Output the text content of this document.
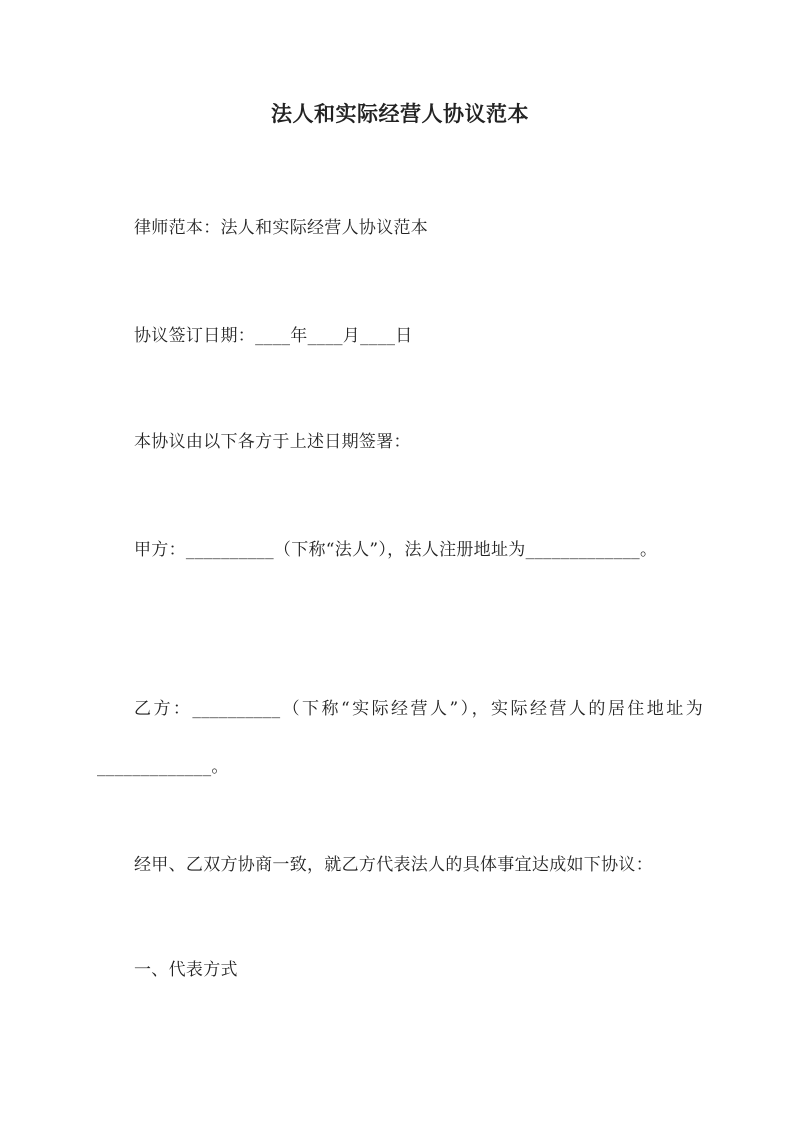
法人和实际经营人协议范本
律师范本：法人和实际经营人协议范本
协议签订日期：____年____月____日
本协议由以下各方于上述日期签署：
甲方：__________（下称“法人”），法人注册地址为_____________。
乙方：__________（下称“实际经营人”），实际经营人的居住地址为_____________。
经甲、乙双方协商一致，就乙方代表法人的具体事宜达成如下协议：
一、代表方式
